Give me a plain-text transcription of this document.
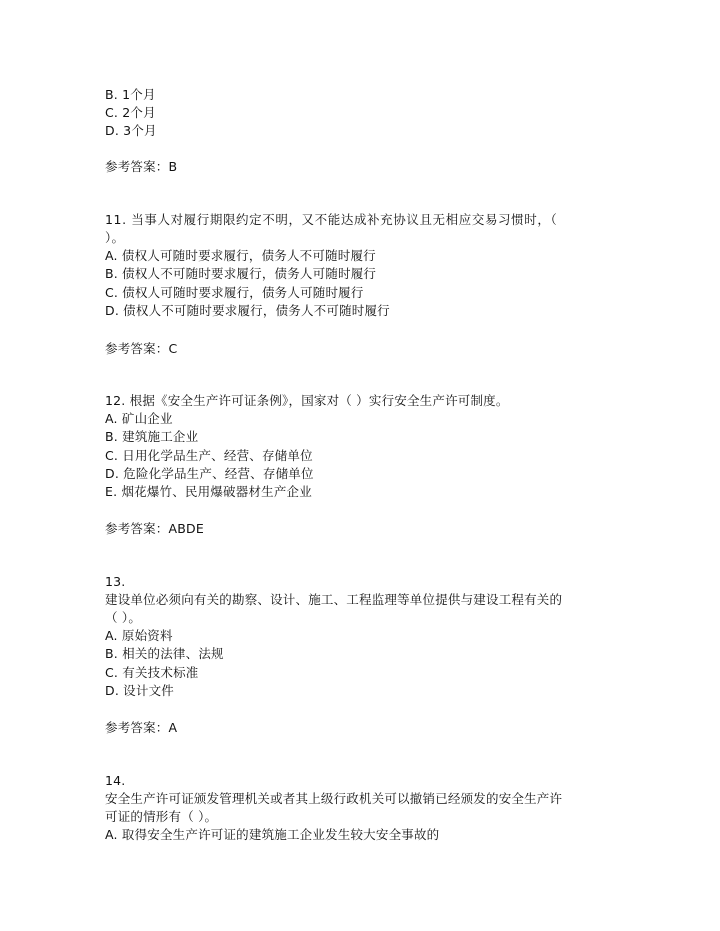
B. 1个月
C. 2个月
D. 3个月
参考答案：B
11. 当事人对履行期限约定不明，又不能达成补充协议且无相应交易习惯时，（
）。
A. 债权人可随时要求履行，债务人不可随时履行
B. 债权人不可随时要求履行，债务人可随时履行
C. 债权人可随时要求履行，债务人可随时履行
D. 债权人不可随时要求履行，债务人不可随时履行
参考答案：C
12. 根据《安全生产许可证条例》，国家对（ ）实行安全生产许可制度。
A. 矿山企业
B. 建筑施工企业
C. 日用化学品生产、经营、存储单位
D. 危险化学品生产、经营、存储单位
E. 烟花爆竹、民用爆破器材生产企业
参考答案：ABDE
13.
建设单位必须向有关的勘察、设计、施工、工程监理等单位提供与建设工程有关的
（ ）。
A. 原始资料
B. 相关的法律、法规
C. 有关技术标准
D. 设计文件
参考答案：A
14.
安全生产许可证颁发管理机关或者其上级行政机关可以撤销已经颁发的安全生产许
可证的情形有（ ）。
A. 取得安全生产许可证的建筑施工企业发生较大安全事故的
